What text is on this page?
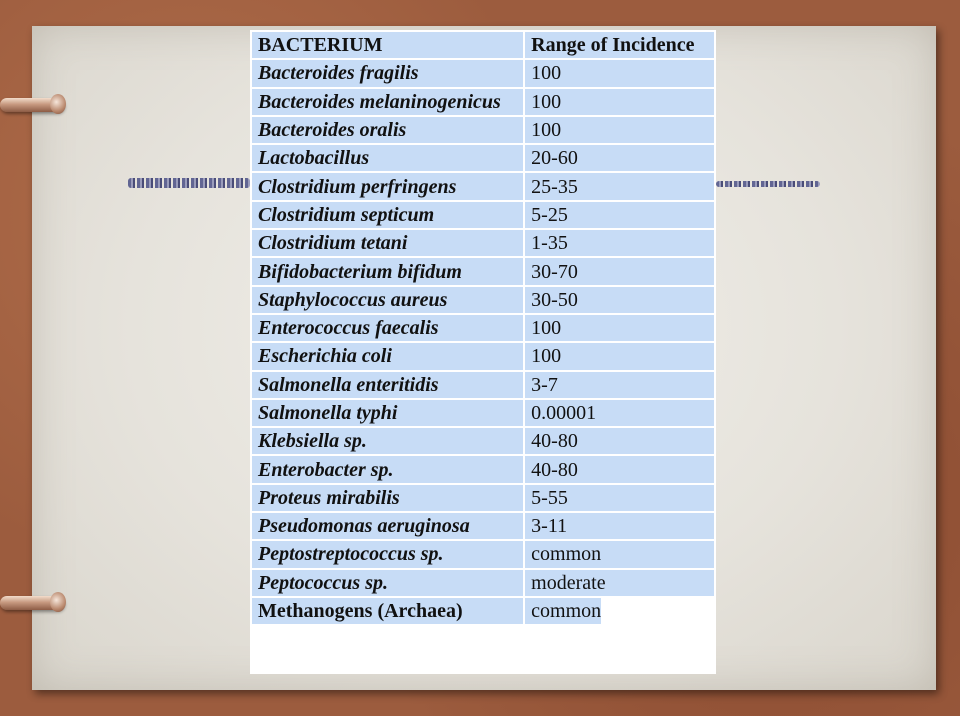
BACTERIUM	Range of Incidence
Bacteroides fragilis	100
Bacteroides melaninogenicus	100
Bacteroides oralis	100
Lactobacillus	20-60
Clostridium perfringens	25-35
Clostridium septicum	5-25
Clostridium tetani	1-35
Bifidobacterium bifidum	30-70
Staphylococcus aureus	30-50
Enterococcus faecalis	100
Escherichia coli	100
Salmonella enteritidis	3-7
Salmonella typhi	0.00001
Klebsiella sp.	40-80
Enterobacter sp.	40-80
Proteus mirabilis	5-55
Pseudomonas aeruginosa	3-11
Peptostreptococcus sp.	common
Peptococcus sp.	moderate
Methanogens (Archaea)	common
